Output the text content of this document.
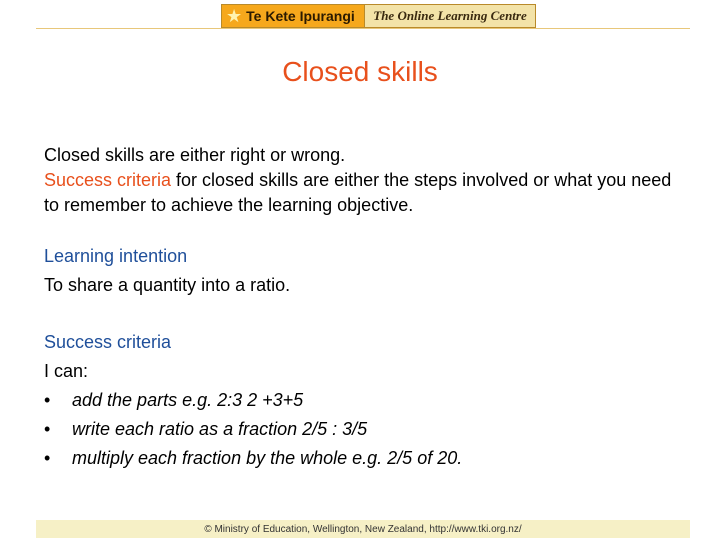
★ Te Kete Ipurangi The Online Learning Centre
Closed skills
Closed skills are either right or wrong.
Success criteria for closed skills are either the steps involved or what you need to remember to achieve the learning objective.
Learning intention
To share a quantity into a ratio.
Success criteria
I can:
•	add the parts e.g. 2:3 2 +3+5
•	write each ratio as a fraction 2/5 : 3/5
•	multiply each fraction by the whole e.g. 2/5 of 20.
© Ministry of Education, Wellington, New Zealand, http://www.tki.org.nz/
